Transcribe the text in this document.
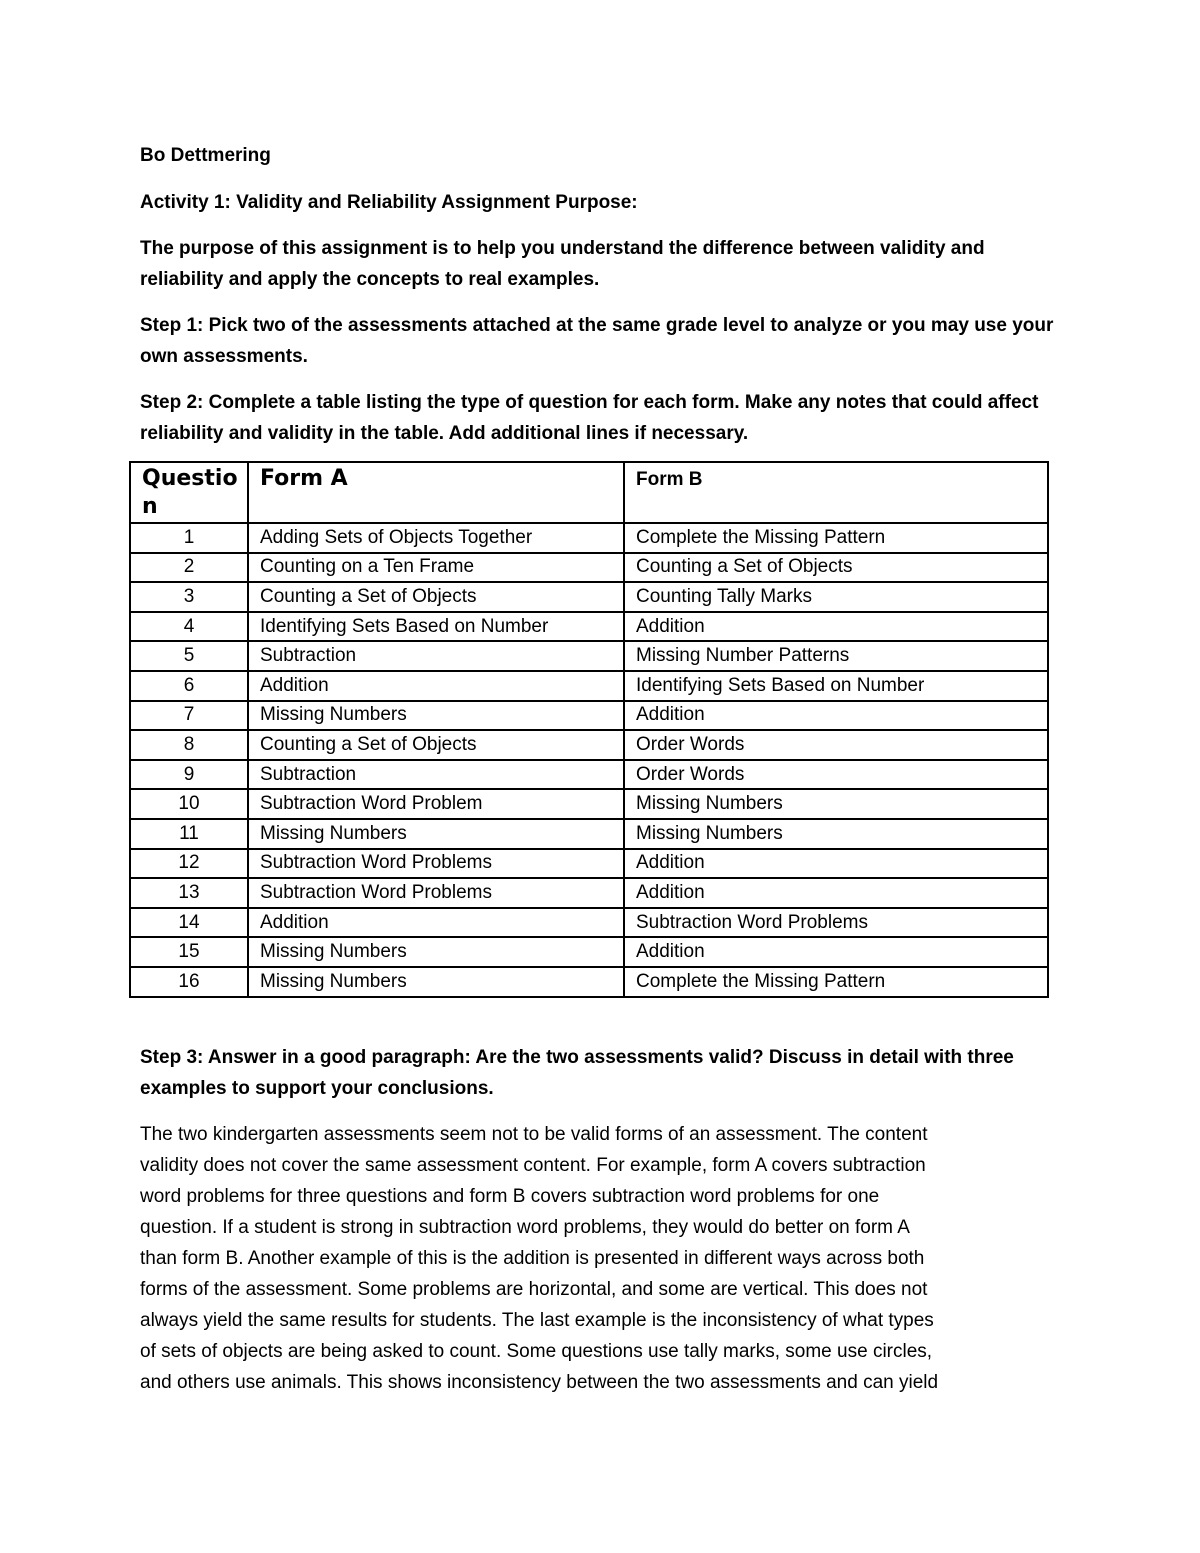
Bo Dettmering

Activity 1: Validity and Reliability Assignment Purpose:

The purpose of this assignment is to help you understand the difference between validity and reliability and apply the concepts to real examples.

Step 1: Pick two of the assessments attached at the same grade level to analyze or you may use your own assessments.

Step 2: Complete a table listing the type of question for each form. Make any notes that could affect reliability and validity in the table. Add additional lines if necessary.

Question	Form A	Form B
1	Adding Sets of Objects Together	Complete the Missing Pattern
2	Counting on a Ten Frame	Counting a Set of Objects
3	Counting a Set of Objects	Counting Tally Marks
4	Identifying Sets Based on Number	Addition
5	Subtraction	Missing Number Patterns
6	Addition	Identifying Sets Based on Number
7	Missing Numbers	Addition
8	Counting a Set of Objects	Order Words
9	Subtraction	Order Words
10	Subtraction Word Problem	Missing Numbers
11	Missing Numbers	Missing Numbers
12	Subtraction Word Problems	Addition
13	Subtraction Word Problems	Addition
14	Addition	Subtraction Word Problems
15	Missing Numbers	Addition
16	Missing Numbers	Complete the Missing Pattern

Step 3: Answer in a good paragraph: Are the two assessments valid? Discuss in detail with three examples to support your conclusions.

The two kindergarten assessments seem not to be valid forms of an assessment. The content

validity does not cover the same assessment content. For example, form A covers subtraction

word problems for three questions and form B covers subtraction word problems for one

question. If a student is strong in subtraction word problems, they would do better on form A

than form B. Another example of this is the addition is presented in different ways across both

forms of the assessment. Some problems are horizontal, and some are vertical. This does not

always yield the same results for students. The last example is the inconsistency of what types

of sets of objects are being asked to count. Some questions use tally marks, some use circles,

and others use animals. This shows inconsistency between the two assessments and can yield
